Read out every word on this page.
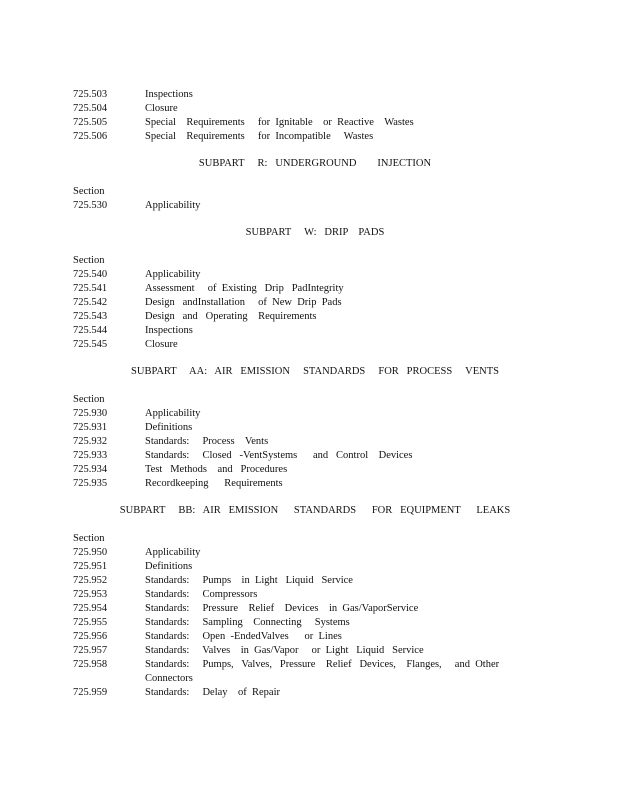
725.503	Inspections
725.504	Closure
725.505	Special    Requirements     for  Ignitable    or  Reactive    Wastes
725.506	Special    Requirements     for  Incompatible     Wastes
SUBPART     R:   UNDERGROUND        INJECTION
Section
725.530	Applicability
SUBPART     W:   DRIP    PADS
Section
725.540	Applicability
725.541	Assessment     of  Existing   Drip   PadIntegrity
725.542	Design   andInstallation     of  New  Drip  Pads
725.543	Design   and   Operating    Requirements
725.544	Inspections
725.545	Closure
SUBPART     AA:   AIR   EMISSION     STANDARDS     FOR   PROCESS     VENTS
Section
725.930	Applicability
725.931	Definitions
725.932	Standards:     Process    Vents
725.933	Standards:     Closed   -VentSystems      and   Control    Devices
725.934	Test   Methods    and   Procedures
725.935	Recordkeeping      Requirements
SUBPART     BB:   AIR   EMISSION      STANDARDS      FOR   EQUIPMENT      LEAKS
Section
725.950	Applicability
725.951	Definitions
725.952	Standards:     Pumps    in  Light   Liquid   Service
725.953	Standards:     Compressors
725.954	Standards:     Pressure    Relief    Devices    in  Gas/VaporService
725.955	Standards:     Sampling    Connecting     Systems
725.956	Standards:     Open  -EndedValves      or  Lines
725.957	Standards:     Valves    in  Gas/Vapor     or  Light   Liquid   Service
725.958	Standards:     Pumps,   Valves,   Pressure    Relief   Devices,    Flanges,     and  Other
Connectors
725.959	Standards:     Delay    of  Repair
